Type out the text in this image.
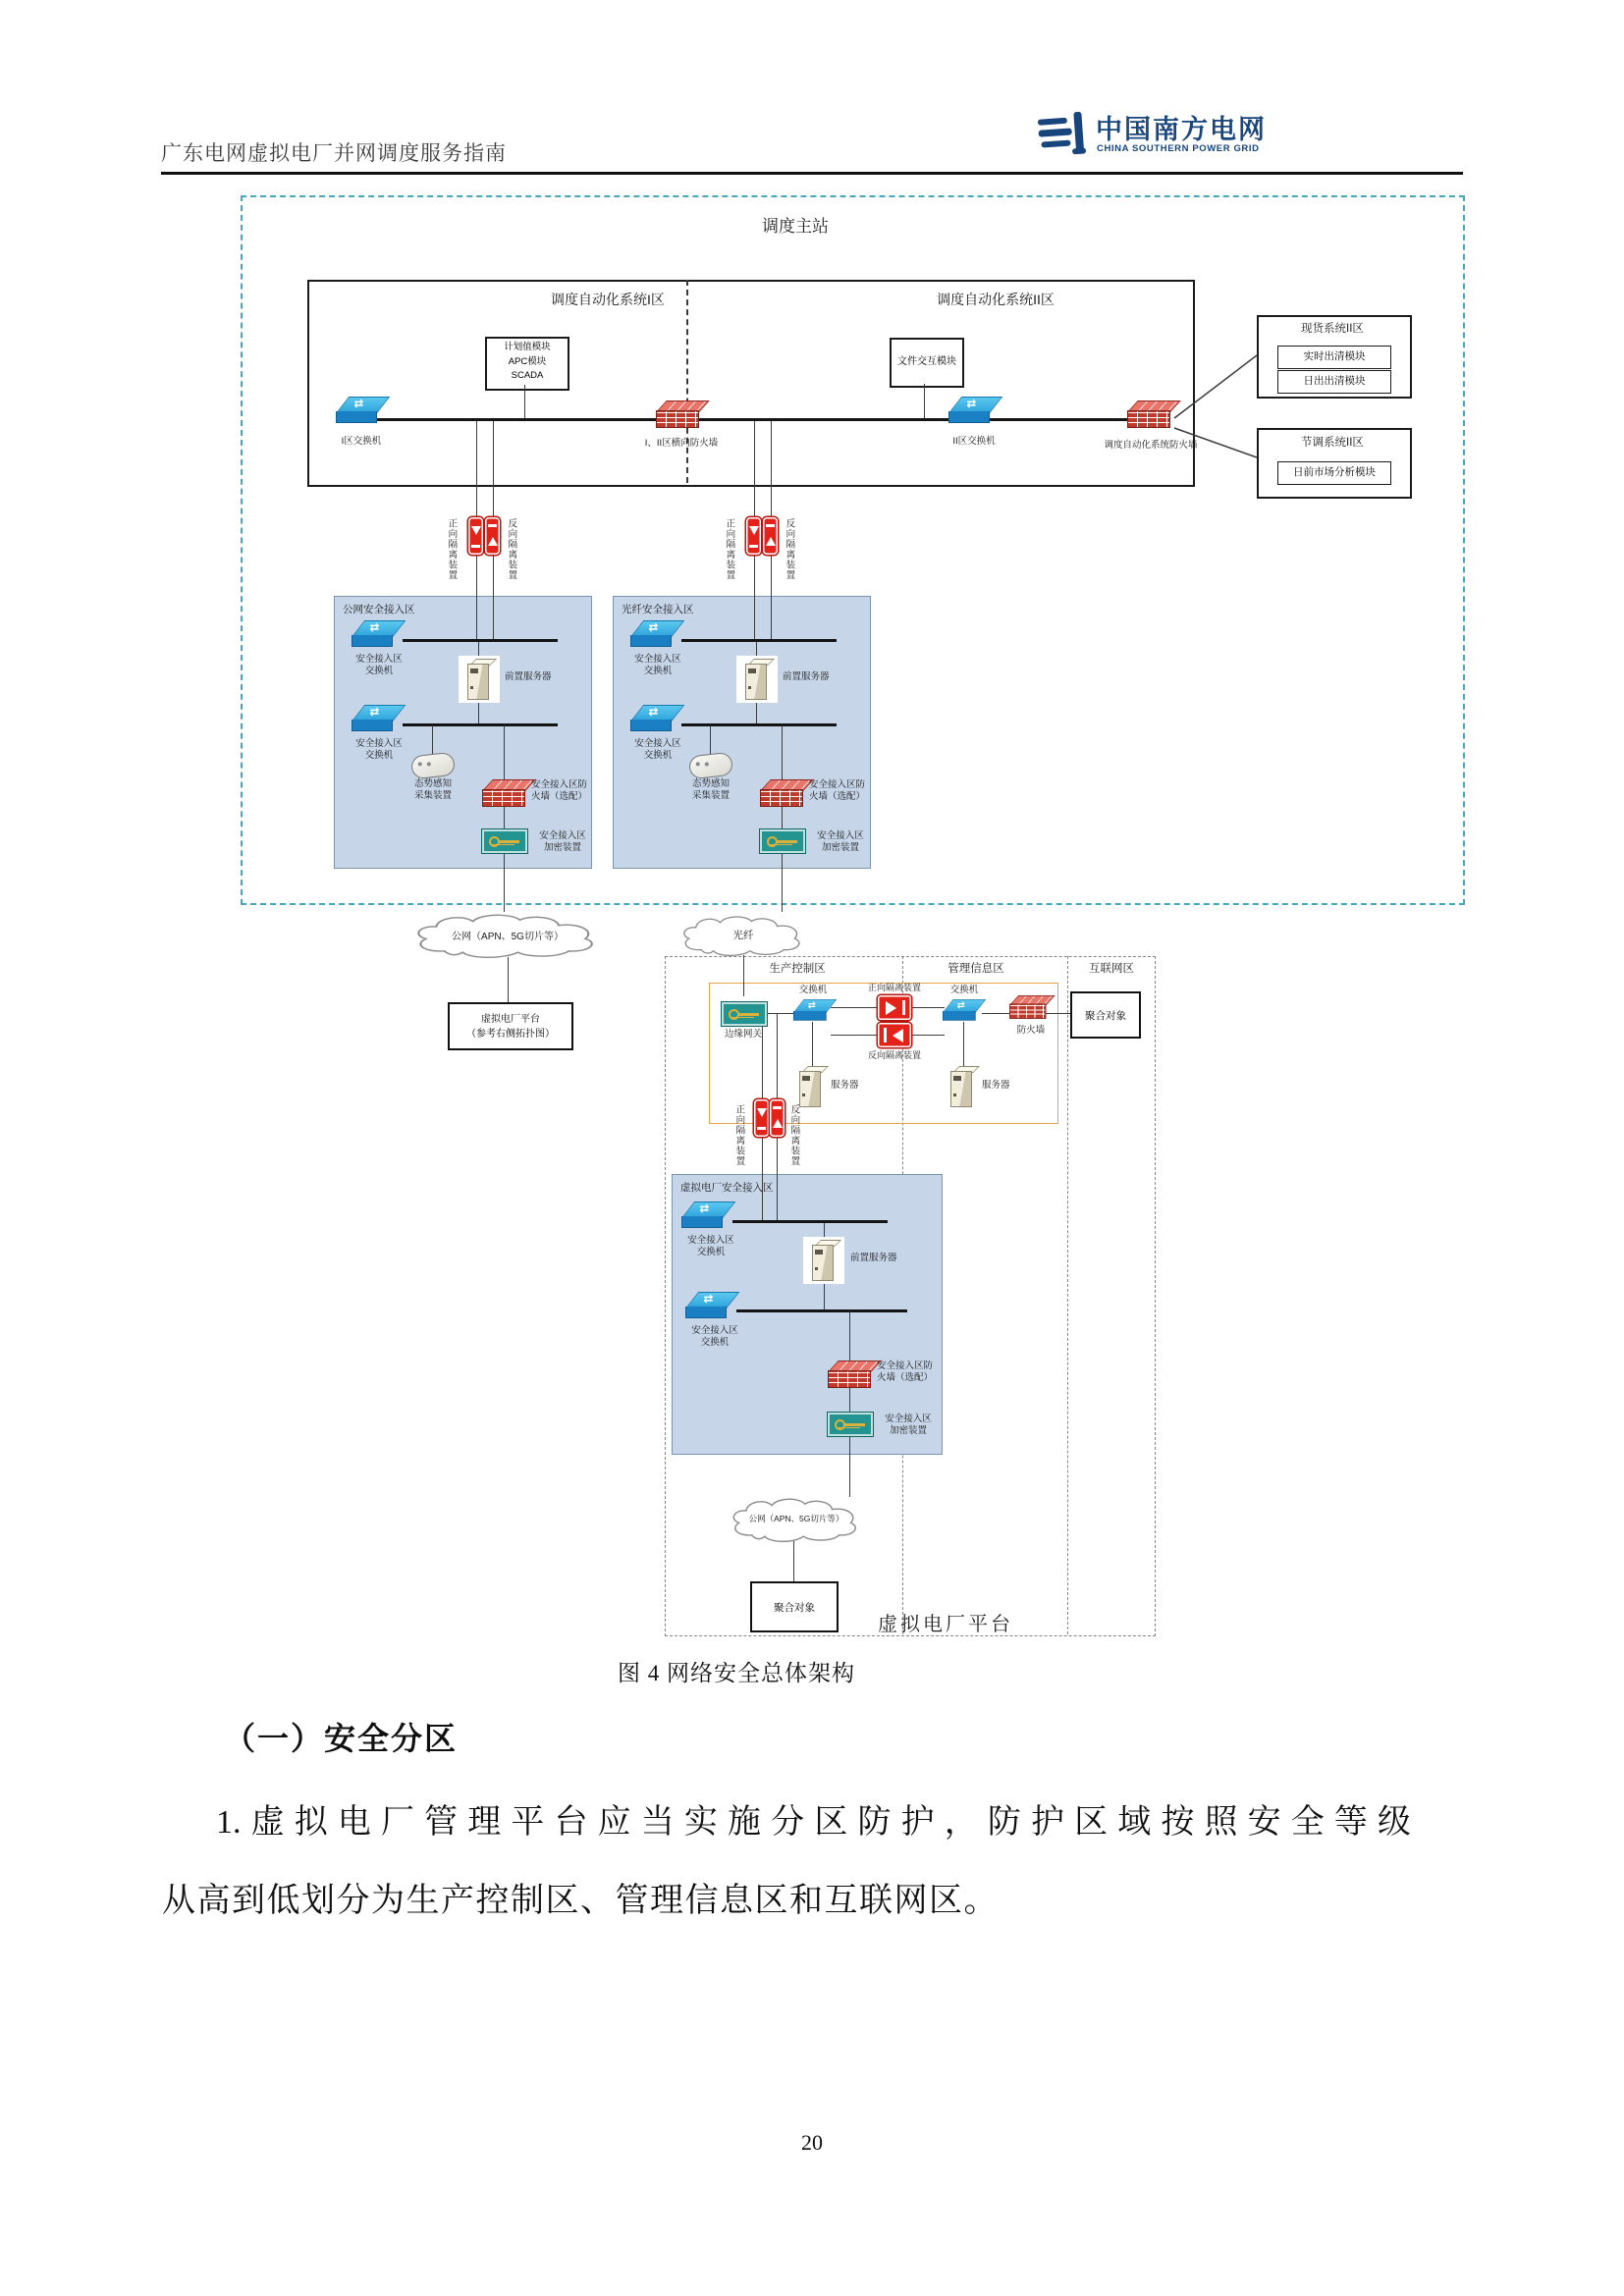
广东电网虚拟电厂并网调度服务指南
中国南方电网
CHINA SOUTHERN POWER GRID
调度主站
调度自动化系统I区	调度自动化系统II区
计划值模块
APC模块
SCADA
文件交互模块
现货系统II区
实时出清模块
日出出清模块
节调系统II区
日前市场分析模块
公网安全接入区	光纤安全接入区
虚拟电厂安全接入区
⇄
I区交换机	I、II区横向防火墙
⇄	II区交换机	调度自动化系统防火墙
正向隔离装置	反向隔离装置	正向隔离装置	反向隔离装置
⇄
安全接入区
交换机
前置服务器
⇄
安全接入区
交换机
态势感知
采集装置
安全接入区防
火墙（选配）
安全接入区
加密装置
⇄
安全接入区
交换机
前置服务器
⇄
安全接入区
交换机
态势感知
采集装置
安全接入区防
火墙（选配）
安全接入区
加密装置
公网（APN、5G切片等）
虚拟电厂平台
（参考右侧拓扑图）
光纤
生产控制区	管理信息区	互联网区
边缘网关
⇄
交换机	正向隔离装置
反向隔离装置
⇄
交换机
防火墙
聚合对象
服务器	服务器
正向隔离装置	反向隔离装置
⇄
安全接入区
交换机
前置服务器
⇄
安全接入区
交换机
安全接入区防
火墙（选配）
安全接入区
加密装置
公网（APN、5G切片等）
聚合对象
虚拟电厂平台
图 4 网络安全总体架构
（一）安全分区
1.虚拟电厂管理平台应当实施分区防护，防护区域按照安全等级
从高到低划分为生产控制区、管理信息区和互联网区。
20
